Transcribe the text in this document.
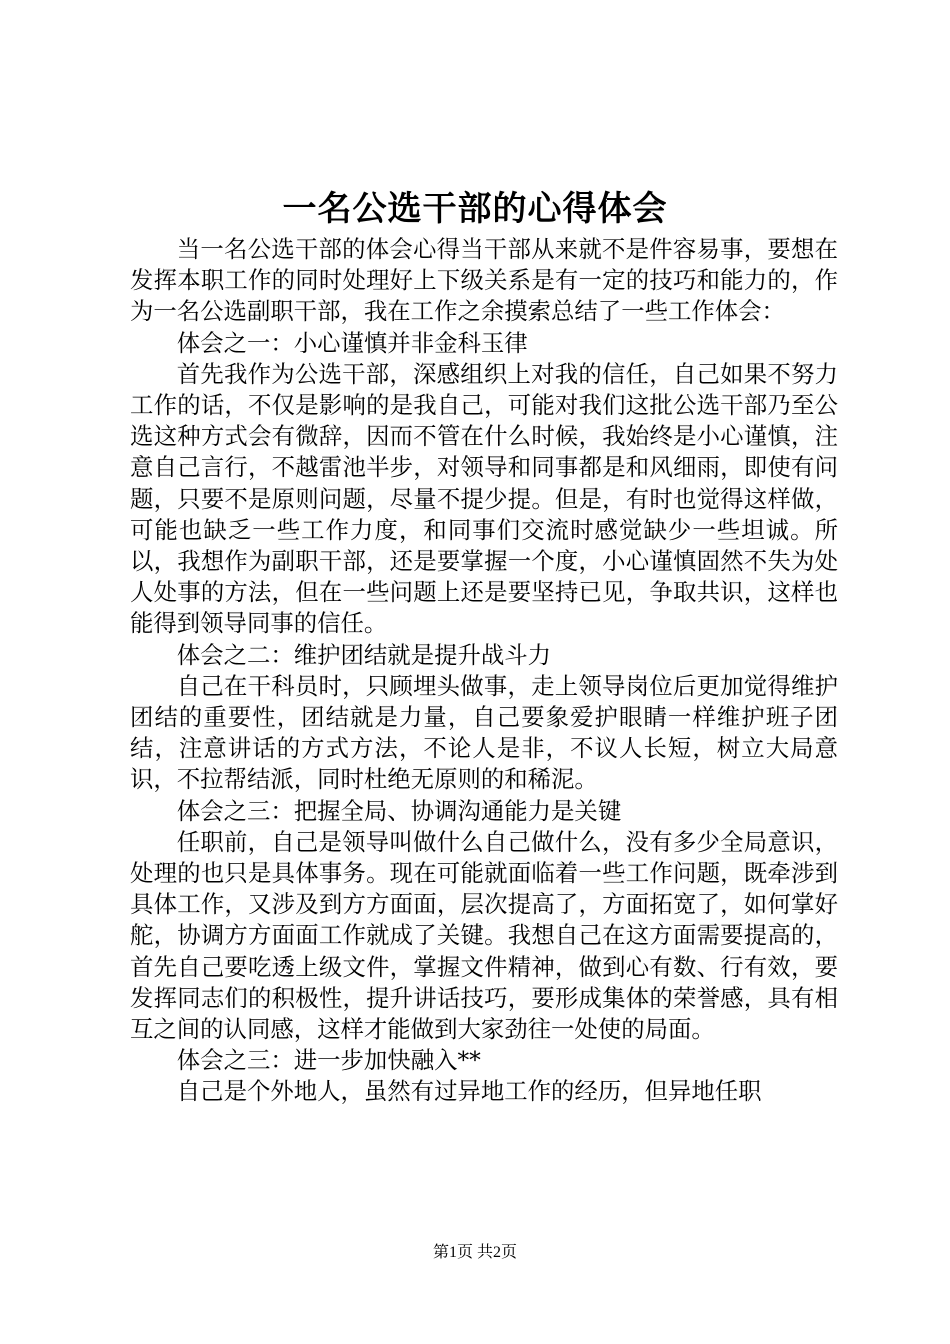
一名公选干部的心得体会

当一名公选干部的体会心得当干部从来就不是件容易事，要想在发挥本职工作的同时处理好上下级关系是有一定的技巧和能力的，作为一名公选副职干部，我在工作之余摸索总结了一些工作体会：

体会之一：小心谨慎并非金科玉律

首先我作为公选干部，深感组织上对我的信任，自己如果不努力工作的话，不仅是影响的是我自己，可能对我们这批公选干部乃至公选这种方式会有微辞，因而不管在什么时候，我始终是小心谨慎，注意自己言行，不越雷池半步，对领导和同事都是和风细雨，即使有问题，只要不是原则问题，尽量不提少提。但是，有时也觉得这样做，可能也缺乏一些工作力度，和同事们交流时感觉缺少一些坦诚。所以，我想作为副职干部，还是要掌握一个度，小心谨慎固然不失为处人处事的方法，但在一些问题上还是要坚持已见，争取共识，这样也能得到领导同事的信任。

体会之二：维护团结就是提升战斗力

自己在干科员时，只顾埋头做事，走上领导岗位后更加觉得维护团结的重要性，团结就是力量，自己要象爱护眼睛一样维护班子团结，注意讲话的方式方法，不论人是非，不议人长短，树立大局意识，不拉帮结派，同时杜绝无原则的和稀泥。

体会之三：把握全局、协调沟通能力是关键

任职前，自己是领导叫做什么自己做什么，没有多少全局意识，处理的也只是具体事务。现在可能就面临着一些工作问题，既牵涉到具体工作，又涉及到方方面面，层次提高了，方面拓宽了，如何掌好舵，协调方方面面工作就成了关键。我想自己在这方面需要提高的，首先自己要吃透上级文件，掌握文件精神，做到心有数、行有效，要发挥同志们的积极性，提升讲话技巧，要形成集体的荣誉感，具有相互之间的认同感，这样才能做到大家劲往一处使的局面。

体会之三：进一步加快融入**

自己是个外地人，虽然有过异地工作的经历，但异地任职

第1页 共2页
